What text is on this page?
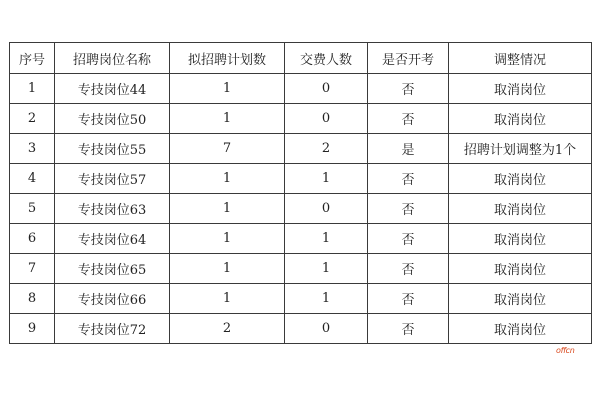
序号	招聘岗位名称	拟招聘计划数	交费人数	是否开考	调整情况
1	专技岗位44	1	0	否	取消岗位
2	专技岗位50	1	0	否	取消岗位
3	专技岗位55	7	2	是	招聘计划调整为1个
4	专技岗位57	1	1	否	取消岗位
5	专技岗位63	1	0	否	取消岗位
6	专技岗位64	1	1	否	取消岗位
7	专技岗位65	1	1	否	取消岗位
8	专技岗位66	1	1	否	取消岗位
9	专技岗位72	2	0	否	取消岗位
offcn
